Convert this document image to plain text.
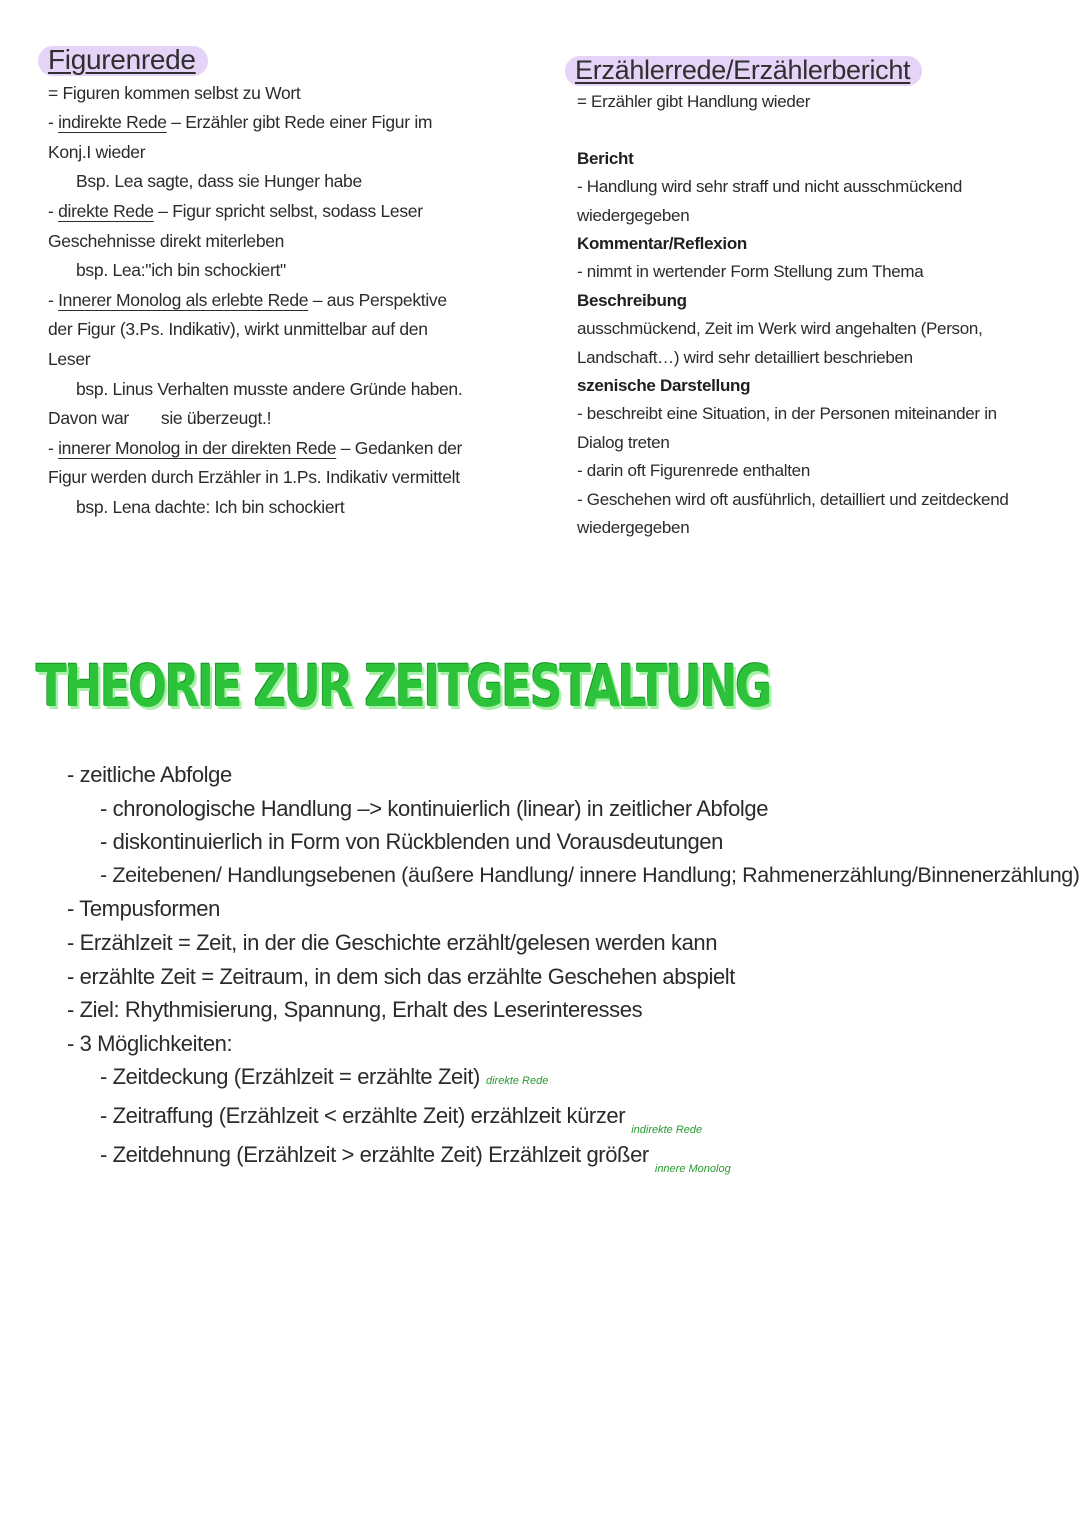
Figurenrede
= Figuren kommen selbst zu Wort
- indirekte Rede – Erzähler gibt Rede einer Figur im
Konj.I wieder
Bsp. Lea sagte, dass sie Hunger habe
- direkte Rede – Figur spricht selbst, sodass Leser
Geschehnisse direkt miterleben
bsp. Lea:"ich bin schockiert"
- Innerer Monolog als erlebte Rede – aus Perspektive
der Figur (3.Ps. Indikativ), wirkt unmittelbar auf den
Leser
bsp. Linus Verhalten musste andere Gründe haben.
Davon war       sie überzeugt.!
- innerer Monolog in der direkten Rede – Gedanken der
Figur werden durch Erzähler in 1.Ps. Indikativ vermittelt
bsp. Lena dachte: Ich bin schockiert
Erzählerrede/Erzählerbericht
= Erzähler gibt Handlung wieder
Bericht
- Handlung wird sehr straff und nicht ausschmückend
wiedergegeben
Kommentar/Reflexion
- nimmt in wertender Form Stellung zum Thema
Beschreibung
ausschmückend, Zeit im Werk wird angehalten (Person,
Landschaft…) wird sehr detailliert beschrieben
szenische Darstellung
- beschreibt eine Situation, in der Personen miteinander in
Dialog treten
- darin oft Figurenrede enthalten
- Geschehen wird oft ausführlich, detailliert und zeitdeckend
wiedergegeben
THEORIE ZUR ZEITGESTALTUNG
- zeitliche Abfolge
- chronologische Handlung –> kontinuierlich (linear) in zeitlicher Abfolge
- diskontinuierlich in Form von Rückblenden und Vorausdeutungen
- Zeitebenen/ Handlungsebenen (äußere Handlung/ innere Handlung; Rahmenerzählung/Binnenerzählung)
- Tempusformen
- Erzählzeit = Zeit, in der die Geschichte erzählt/gelesen werden kann
- erzählte Zeit = Zeitraum, in dem sich das erzählte Geschehen abspielt
- Ziel: Rhythmisierung, Spannung, Erhalt des Leserinteresses
- 3 Möglichkeiten:
- Zeitdeckung (Erzählzeit = erzählte Zeit) direkte Rede
- Zeitraffung (Erzählzeit < erzählte Zeit) erzählzeit kürzer$_{indirekte Rede}$
- Zeitdehnung (Erzählzeit > erzählte Zeit) Erzählzeit größer$_{innere Monolog}$
